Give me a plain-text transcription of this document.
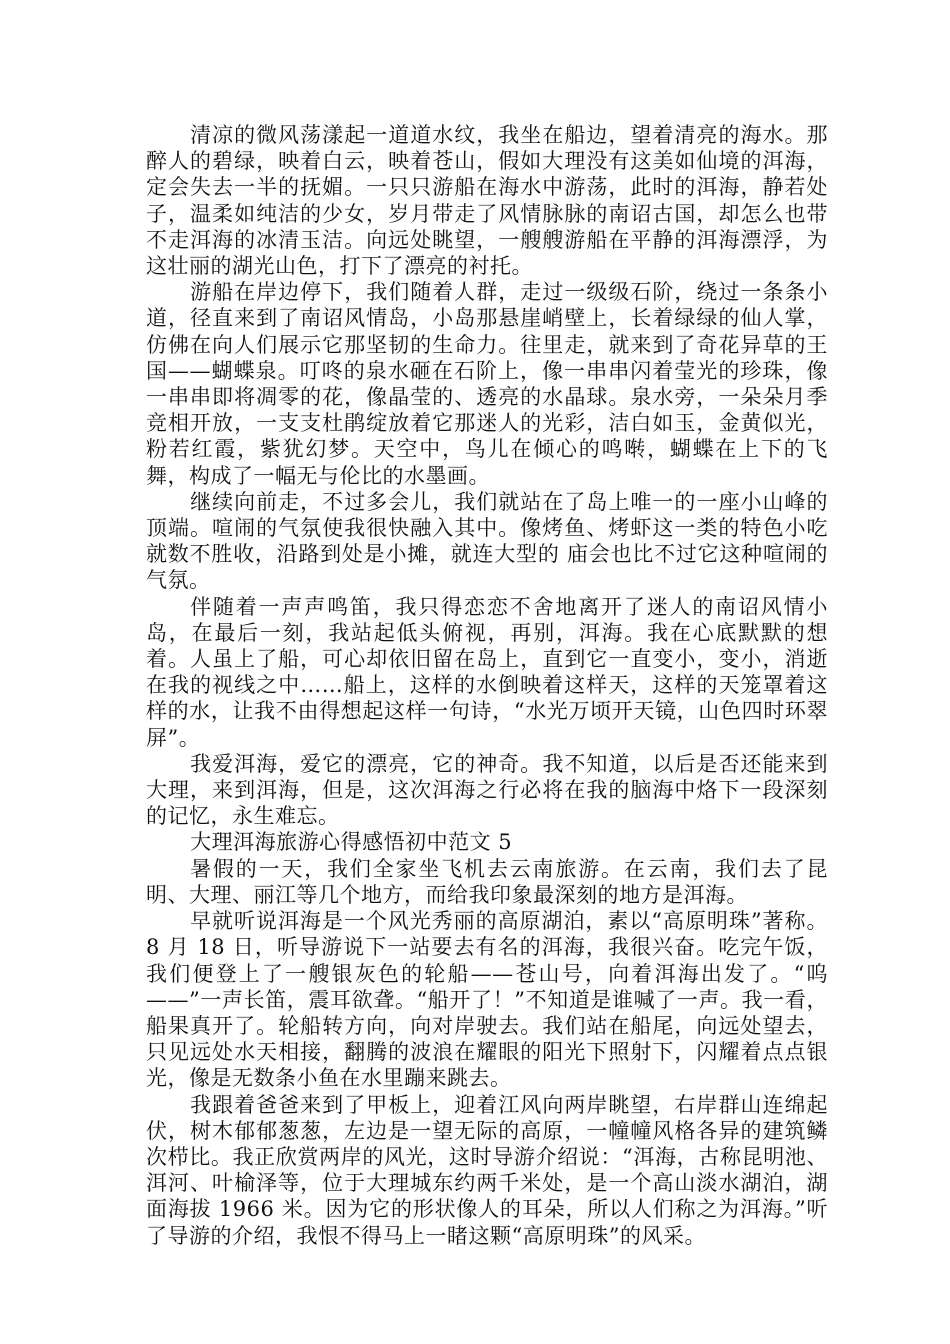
清凉的微风荡漾起一道道水纹，我坐在船边，望着清亮的海水。那醉人的碧绿，映着白云，映着苍山，假如大理没有这美如仙境的洱海，定会失去一半的抚媚。一只只游船在海水中游荡，此时的洱海，静若处子，温柔如纯洁的少女，岁月带走了风情脉脉的南诏古国，却怎么也带不走洱海的冰清玉洁。向远处眺望，一艘艘游船在平静的洱海漂浮，为这壮丽的湖光山色，打下了漂亮的衬托。

游船在岸边停下，我们随着人群，走过一级级石阶，绕过一条条小道，径直来到了南诏风情岛，小岛那悬崖峭壁上，长着绿绿的仙人掌，仿佛在向人们展示它那坚韧的生命力。往里走，就来到了奇花异草的王国——蝴蝶泉。叮咚的泉水砸在石阶上，像一串串闪着莹光的珍珠，像一串串即将凋零的花，像晶莹的、透亮的水晶球。泉水旁，一朵朵月季竞相开放，一支支杜鹃绽放着它那迷人的光彩，洁白如玉，金黄似光，粉若红霞，紫犹幻梦。天空中，鸟儿在倾心的鸣啭，蝴蝶在上下的飞舞，构成了一幅无与伦比的水墨画。

继续向前走，不过多会儿，我们就站在了岛上唯一的一座小山峰的顶端。喧闹的气氛使我很快融入其中。像烤鱼、烤虾这一类的特色小吃就数不胜收，沿路到处是小摊，就连大型的 庙会也比不过它这种喧闹的气氛。

伴随着一声声鸣笛，我只得恋恋不舍地离开了迷人的南诏风情小岛，在最后一刻，我站起低头俯视，再别，洱海。我在心底默默的想着。人虽上了船，可心却依旧留在岛上，直到它一直变小，变小，消逝在我的视线之中……船上，这样的水倒映着这样天，这样的天笼罩着这样的水，让我不由得想起这样一句诗，“水光万顷开天镜，山色四时环翠屏”。

我爱洱海，爱它的漂亮，它的神奇。我不知道，以后是否还能来到大理，来到洱海，但是，这次洱海之行必将在我的脑海中烙下一段深刻的记忆，永生难忘。

大理洱海旅游心得感悟初中范文 5

暑假的一天，我们全家坐飞机去云南旅游。在云南，我们去了昆明、大理、丽江等几个地方，而给我印象最深刻的地方是洱海。

早就听说洱海是一个风光秀丽的高原湖泊，素以“高原明珠”著称。8 月 18 日，听导游说下一站要去有名的洱海，我很兴奋。吃完午饭，我们便登上了一艘银灰色的轮船——苍山号，向着洱海出发了。“呜——”一声长笛，震耳欲聋。“船开了！”不知道是谁喊了一声。我一看，船果真开了。轮船转方向，向对岸驶去。我们站在船尾，向远处望去，只见远处水天相接，翻腾的波浪在耀眼的阳光下照射下，闪耀着点点银光，像是无数条小鱼在水里蹦来跳去。

我跟着爸爸来到了甲板上，迎着江风向两岸眺望，右岸群山连绵起伏，树木郁郁葱葱，左边是一望无际的高原，一幢幢风格各异的建筑鳞次栉比。我正欣赏两岸的风光，这时导游介绍说：“洱海，古称昆明池、洱河、叶榆泽等，位于大理城东约两千米处，是一个高山淡水湖泊，湖面海拔 1966 米。因为它的形状像人的耳朵，所以人们称之为洱海。”听了导游的介绍，我恨不得马上一睹这颗“高原明珠”的风采。
